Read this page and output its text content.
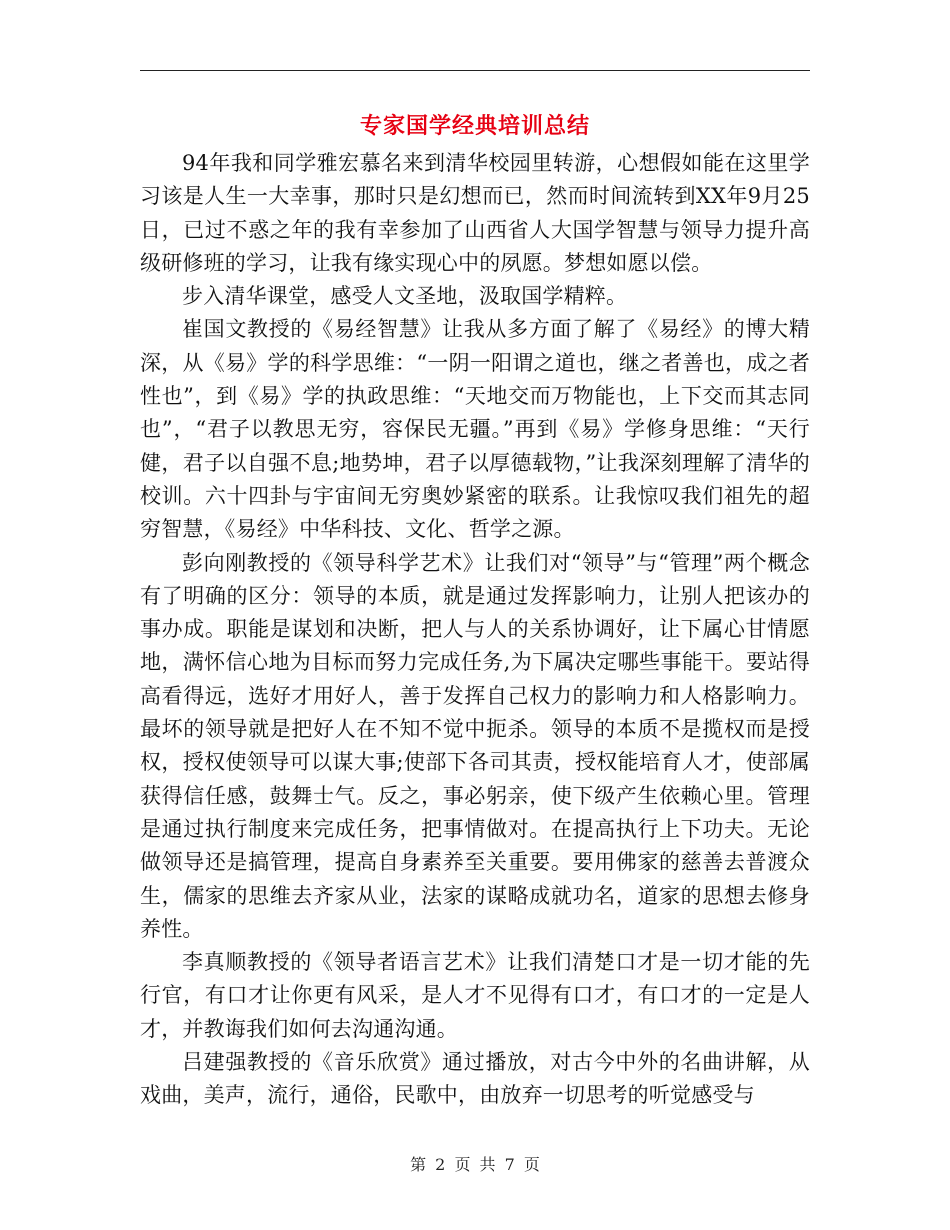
专家国学经典培训总结

94年我和同学雅宏慕名来到清华校园里转游，心想假如能在这里学习该是人生一大幸事，那时只是幻想而已，然而时间流转到XX年9月25日，已过不惑之年的我有幸参加了山西省人大国学智慧与领导力提升高级研修班的学习，让我有缘实现心中的夙愿。梦想如愿以偿。

步入清华课堂，感受人文圣地，汲取国学精粹。

崔国文教授的《易经智慧》让我从多方面了解了《易经》的博大精深，从《易》学的科学思维：“一阴一阳谓之道也，继之者善也，成之者性也”，到《易》学的执政思维：“天地交而万物能也，上下交而其志同也”，“君子以教思无穷，容保民无疆。”再到《易》学修身思维：“天行健，君子以自强不息;地势坤，君子以厚德载物，”让我深刻理解了清华的校训。六十四卦与宇宙间无穷奥妙紧密的联系。让我惊叹我们祖先的超穷智慧，《易经》中华科技、文化、哲学之源。

彭向刚教授的《领导科学艺术》让我们对“领导”与“管理”两个概念有了明确的区分：领导的本质，就是通过发挥影响力，让别人把该办的事办成。职能是谋划和决断，把人与人的关系协调好，让下属心甘情愿地，满怀信心地为目标而努力完成任务,为下属决定哪些事能干。要站得高看得远，选好才用好人，善于发挥自己权力的影响力和人格影响力。最坏的领导就是把好人在不知不觉中扼杀。领导的本质不是揽权而是授权，授权使领导可以谋大事;使部下各司其责，授权能培育人才，使部属获得信任感，鼓舞士气。反之，事必躬亲，使下级产生依赖心里。管理是通过执行制度来完成任务，把事情做对。在提高执行上下功夫。无论做领导还是搞管理，提高自身素养至关重要。要用佛家的慈善去普渡众生，儒家的思维去齐家从业，法家的谋略成就功名，道家的思想去修身养性。

李真顺教授的《领导者语言艺术》让我们清楚口才是一切才能的先行官，有口才让你更有风采，是人才不见得有口才，有口才的一定是人才，并教诲我们如何去沟通沟通。

吕建强教授的《音乐欣赏》通过播放，对古今中外的名曲讲解，从戏曲，美声，流行，通俗，民歌中，由放弃一切思考的听觉感受与

第 2 页 共 7 页
